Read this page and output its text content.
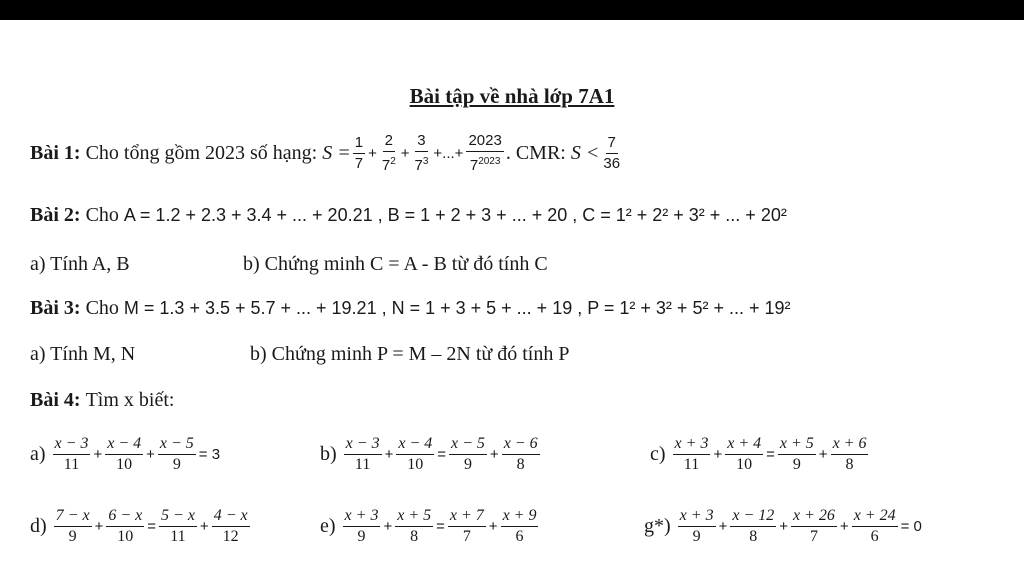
Bài tập về nhà lớp 7A1
Bài 1:
Cho tổng gồm 2023 số hạng:
$S = \frac{1}{7} + \frac{2}{7^2} + \frac{3}{7^3}$ +...+ $\frac{2023}{7^{2023}}$ . CMR:
$S < \frac{7}{36}$
Bài 2:
Cho
A = 1.2 + 2.3 + 3.4 + ... + 20.21 , B = 1 + 2 + 3 + ... + 20 , C = 1² + 2² + 3² + ... + 20²
a) Tính A, B	b) Chứng minh C = A - B từ đó tính C
Bài 3:
Cho
M = 1.3 + 3.5 + 5.7 + ... + 19.21 , N = 1 + 3 + 5 + ... + 19 , P = 1² + 3² + 5² + ... + 19²
a) Tính M, N	b) Chứng minh P = M – 2N từ đó tính P
Bài 4:
Tìm x biết:
$a) \frac{x - 3}{11} + \frac{x - 4}{10} + \frac{x - 5}{9} = 3$	$b) \frac{x - 3}{11} + \frac{x - 4}{10} = \frac{x - 5}{9} + \frac{x - 6}{8}$	$c) \frac{x + 3}{11} + \frac{x + 4}{10} = \frac{x + 5}{9} + \frac{x + 6}{8}$
$d) \frac{7 - x}{9} + \frac{6 - x}{10} = \frac{5 - x}{11} + \frac{4 - x}{12}$	$e) \frac{x + 3}{9} + \frac{x + 5}{8} = \frac{x + 7}{7} + \frac{x + 9}{6}$	$g*) \frac{x + 3}{9} + \frac{x - 12}{8} + \frac{x + 26}{7} + \frac{x + 24}{6} = 0$
